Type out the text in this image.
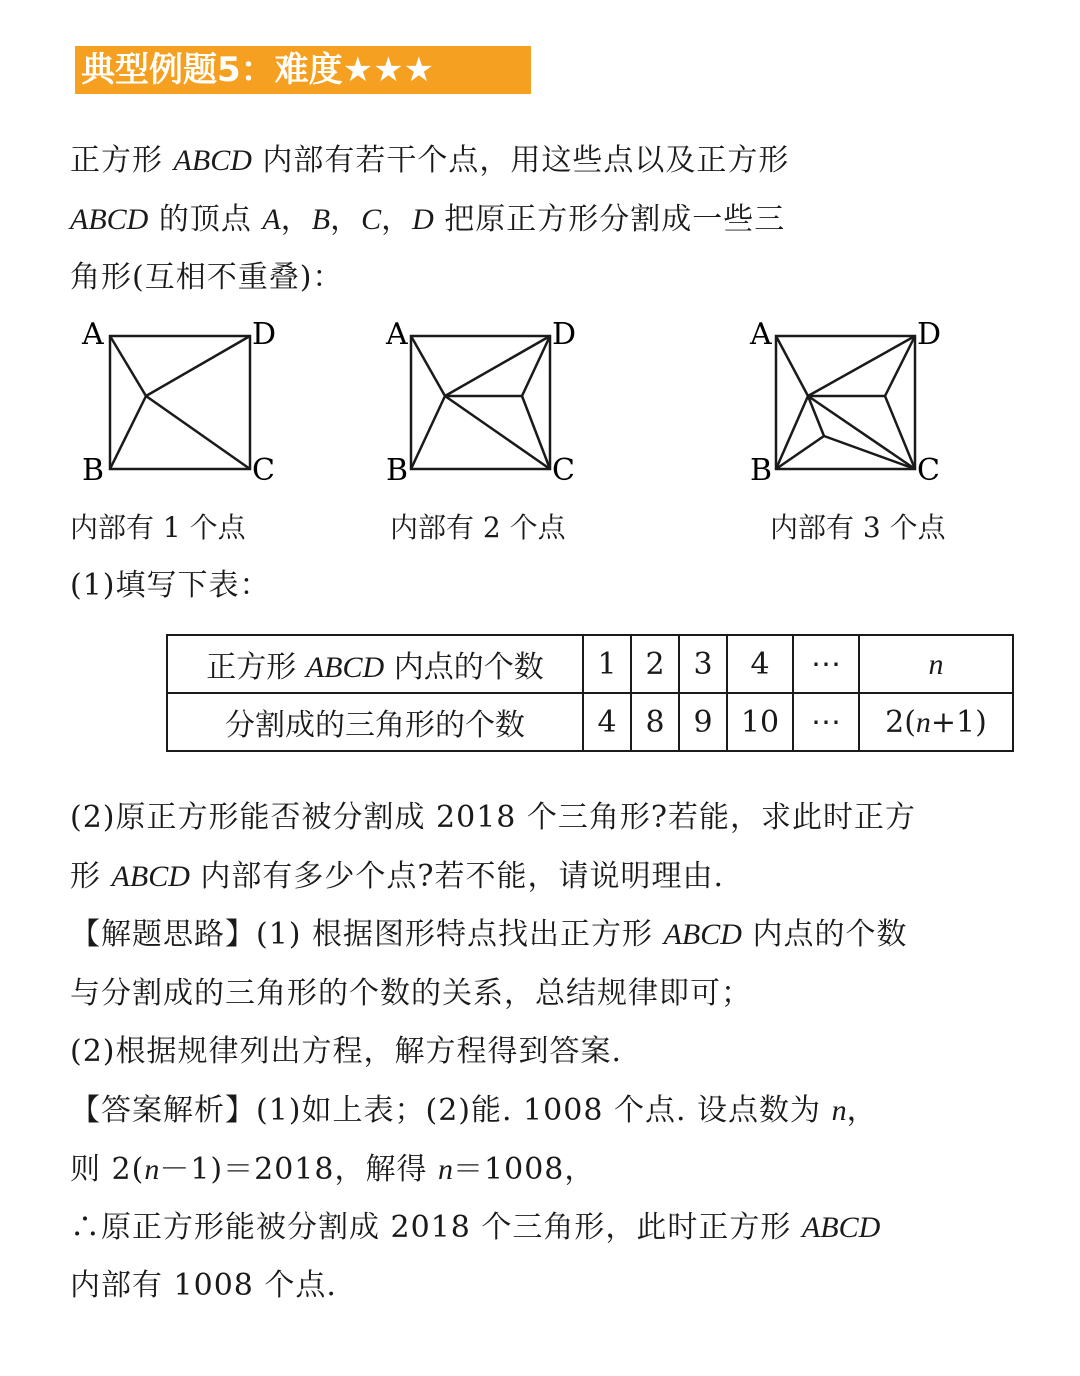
典型例题5：难度★★★
正方形 ABCD 内部有若干个点，用这些点以及正方形
ABCD 的顶点 A，B，C，D 把原正方形分割成一些三
角形(互相不重叠)：
A	D
B	C
内部有 1 个点
A	D
B	C
内部有 2 个点
A	D
B	C
内部有 3 个点
(1)填写下表：
正方形 ABCD 内点的个数	1	2	3	4	⋯	n
分割成的三角形的个数	4	8	9	10	⋯	2(n+1)
(2)原正方形能否被分割成 2018 个三角形?若能，求此时正方
形 ABCD 内部有多少个点?若不能，请说明理由.
【解题思路】(1) 根据图形特点找出正方形 ABCD 内点的个数
与分割成的三角形的个数的关系，总结规律即可；
(2)根据规律列出方程，解方程得到答案.
【答案解析】(1)如上表；(2)能. 1008 个点. 设点数为 n，
则 2(n－1)＝2018，解得 n＝1008，
∴原正方形能被分割成 2018 个三角形，此时正方形 ABCD
内部有 1008 个点.
